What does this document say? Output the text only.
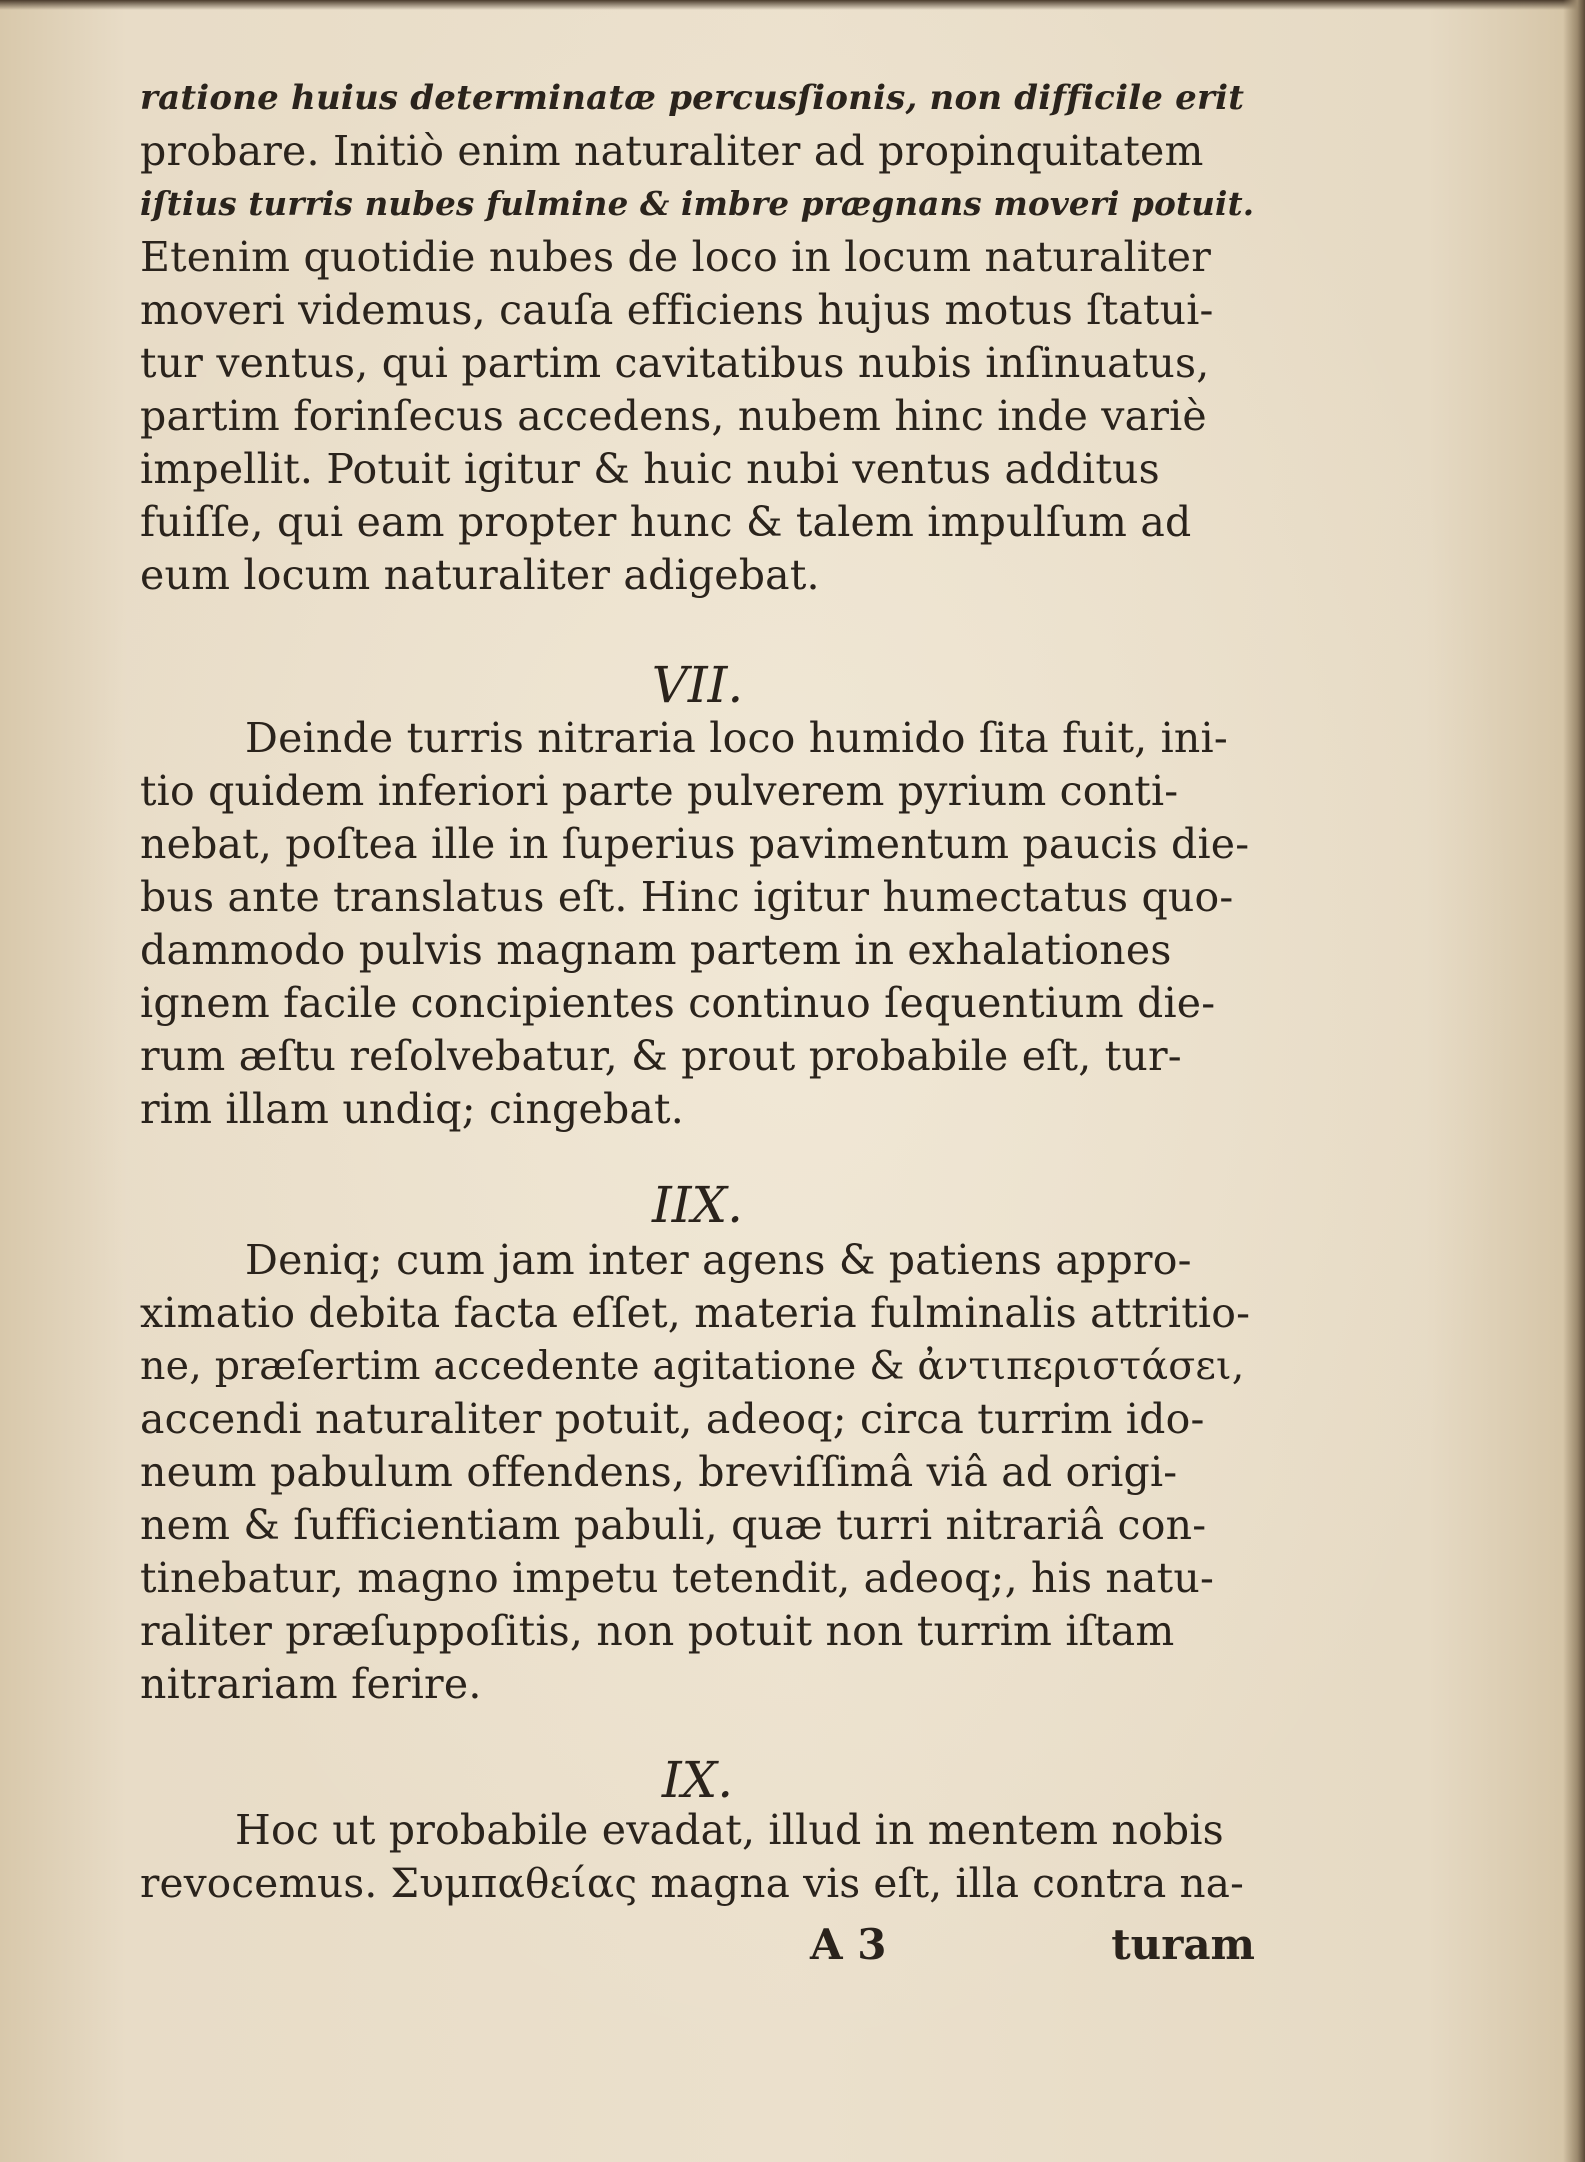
ratione huius determinatæ percusſionis, non difficile erit
probare. Initiò enim naturaliter ad propinquitatem
iſtius turris nubes fulmine & imbre prægnans moveri potuit.
Etenim quotidie nubes de loco in locum naturaliter
moveri videmus, cauſa efficiens hujus motus ſtatui-
tur ventus, qui partim cavitatibus nubis inſinuatus,
partim forinſecus accedens, nubem hinc inde variè
impellit. Potuit igitur & huic nubi ventus additus
fuiſſe, qui eam propter hunc & talem impulſum ad
eum locum naturaliter adigebat.
VII.
Deinde turris nitraria loco humido ſita fuit, ini-
tio quidem inferiori parte pulverem pyrium conti-
nebat, poſtea ille in ſuperius pavimentum paucis die-
bus ante translatus eſt. Hinc igitur humectatus quo-
dammodo pulvis magnam partem in exhalationes
ignem facile concipientes continuo ſequentium die-
rum æſtu reſolvebatur, & prout probabile eſt, tur-
rim illam undiq; cingebat.
IIX.
Deniq; cum jam inter agens & patiens appro-
ximatio debita facta eſſet, materia fulminalis attritio-
ne, præſertim accedente agitatione & ἀντιπεριστάσει,
accendi naturaliter potuit, adeoq; circa turrim ido-
neum pabulum offendens, breviſſimâ viâ ad origi-
nem & ſufficientiam pabuli, quæ turri nitrariâ con-
tinebatur, magno impetu tetendit, adeoq;, his natu-
raliter præſuppoſitis, non potuit non turrim iſtam
nitrariam ferire.
IX.
Hoc ut probabile evadat, illud in mentem nobis
revocemus. Συμπαθείας magna vis eſt, illa contra na-
A 3	turam
